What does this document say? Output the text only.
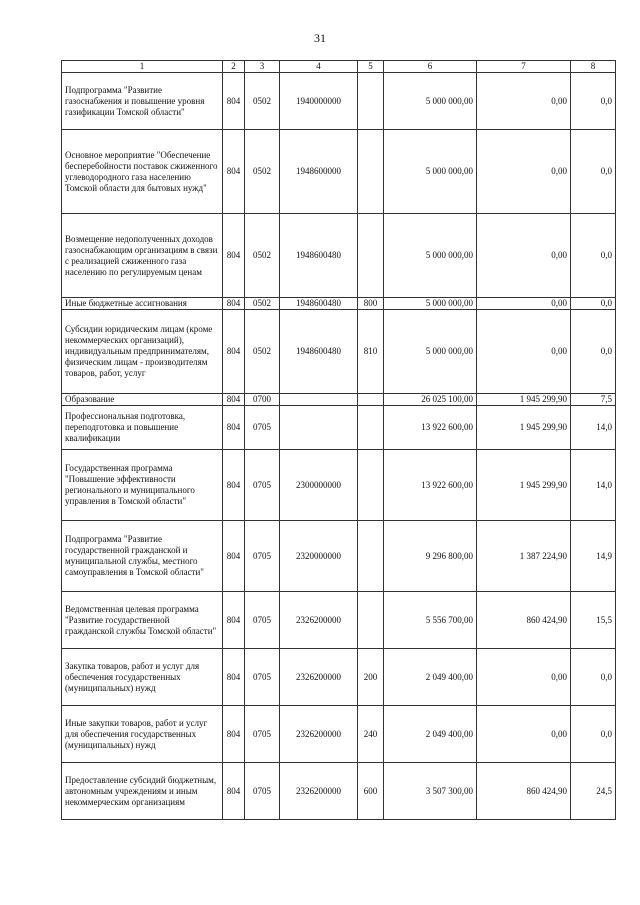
31
1	2	3	4	5	6	7	8
Подпрограмма "Развитие газоснабжения и повышение уровня газификации Томской области"	804	0502	1940000000		5 000 000,00	0,00	0,0
Основное мероприятие "Обеспечение бесперебойности поставок сжиженного углеводородного газа населению Томской области для бытовых нужд"	804	0502	1948600000		5 000 000,00	0,00	0,0
Возмещение недополученных доходов газоснабжающим организациям в связи с реализацией сжиженного газа населению по регулируемым ценам	804	0502	1948600480		5 000 000,00	0,00	0,0
Иные бюджетные ассигнования	804	0502	1948600480	800	5 000 000,00	0,00	0,0
Субсидии юридическим лицам (кроме некоммерческих организаций), индивидуальным предпринимателям, физическим лицам - производителям товаров, работ, услуг	804	0502	1948600480	810	5 000 000,00	0,00	0,0
Образование	804	0700			26 025 100,00	1 945 299,90	7,5
Профессиональная подготовка, переподготовка и повышение квалификации	804	0705			13 922 600,00	1 945 299,90	14,0
Государственная программа "Повышение эффективности регионального и муниципального управления в Томской области"	804	0705	2300000000		13 922 600,00	1 945 299,90	14,0
Подпрограмма "Развитие государственной гражданской и муниципальной службы, местного самоуправления в Томской области"	804	0705	2320000000		9 296 800,00	1 387 224,90	14,9
Ведомственная целевая программа "Развитие государственной гражданской службы Томской области"	804	0705	2326200000		5 556 700,00	860 424,90	15,5
Закупка товаров, работ и услуг для обеспечения государственных (муниципальных) нужд	804	0705	2326200000	200	2 049 400,00	0,00	0,0
Иные закупки товаров, работ и услуг для обеспечения государственных (муниципальных) нужд	804	0705	2326200000	240	2 049 400,00	0,00	0,0
Предоставление субсидий бюджетным, автономным учреждениям и иным некоммерческим организациям	804	0705	2326200000	600	3 507 300,00	860 424,90	24,5
